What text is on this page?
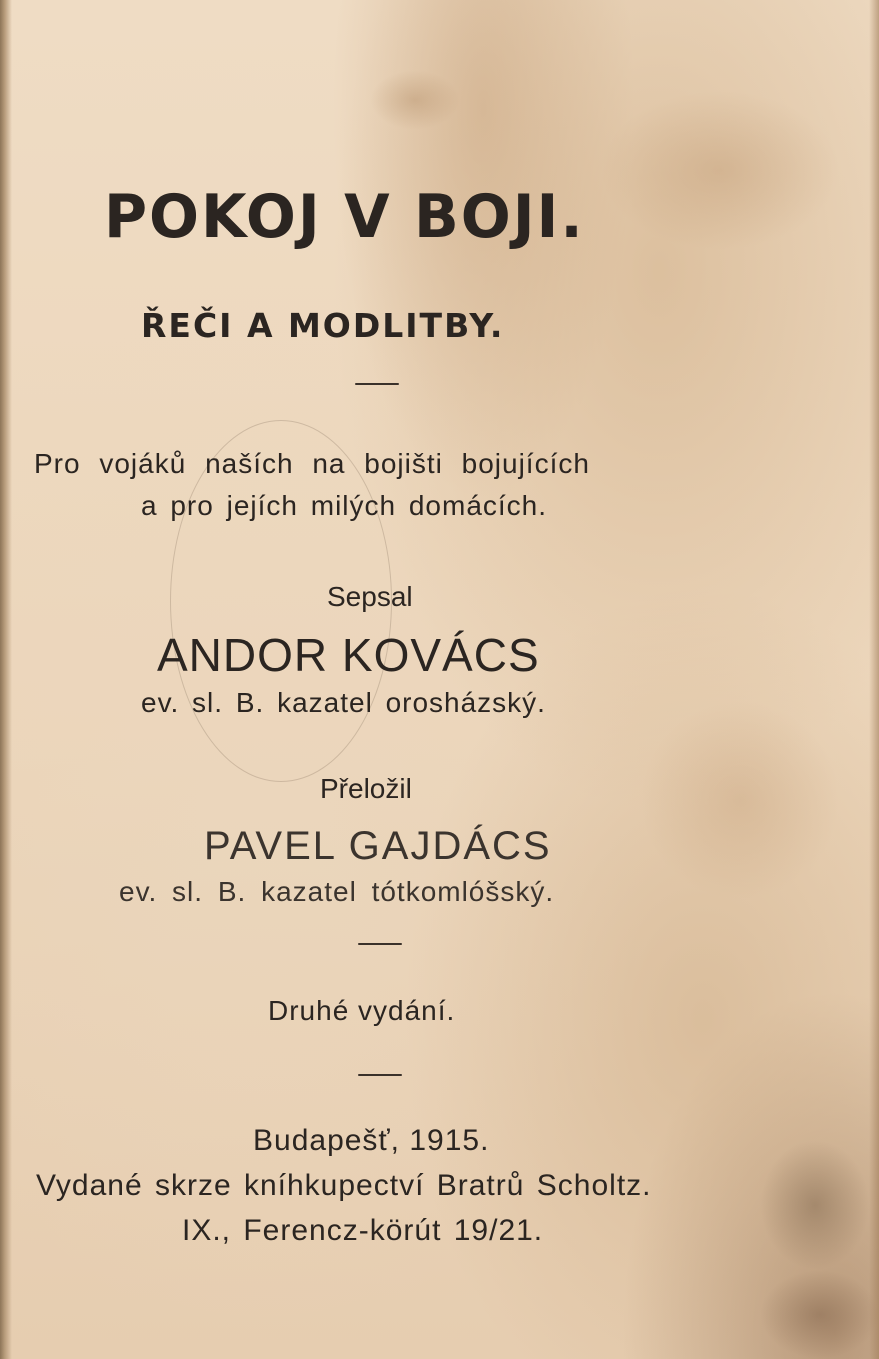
POKOJ V BOJI.
ŘEČI A MODLITBY.
Pro vojáků naších na bojišti bojujících
a pro jejích milých domácích.
Sepsal
ANDOR KOVÁCS
ev. sl. B. kazatel orosházský.
Přeložil
PAVEL GAJDÁCS
ev. sl. B. kazatel tótkomlóšský.
Druhé vydání.
Budapešť, 1915.
Vydané skrze kníhkupectví Bratrů Scholtz.
IX., Ferencz-körút 19/21.
